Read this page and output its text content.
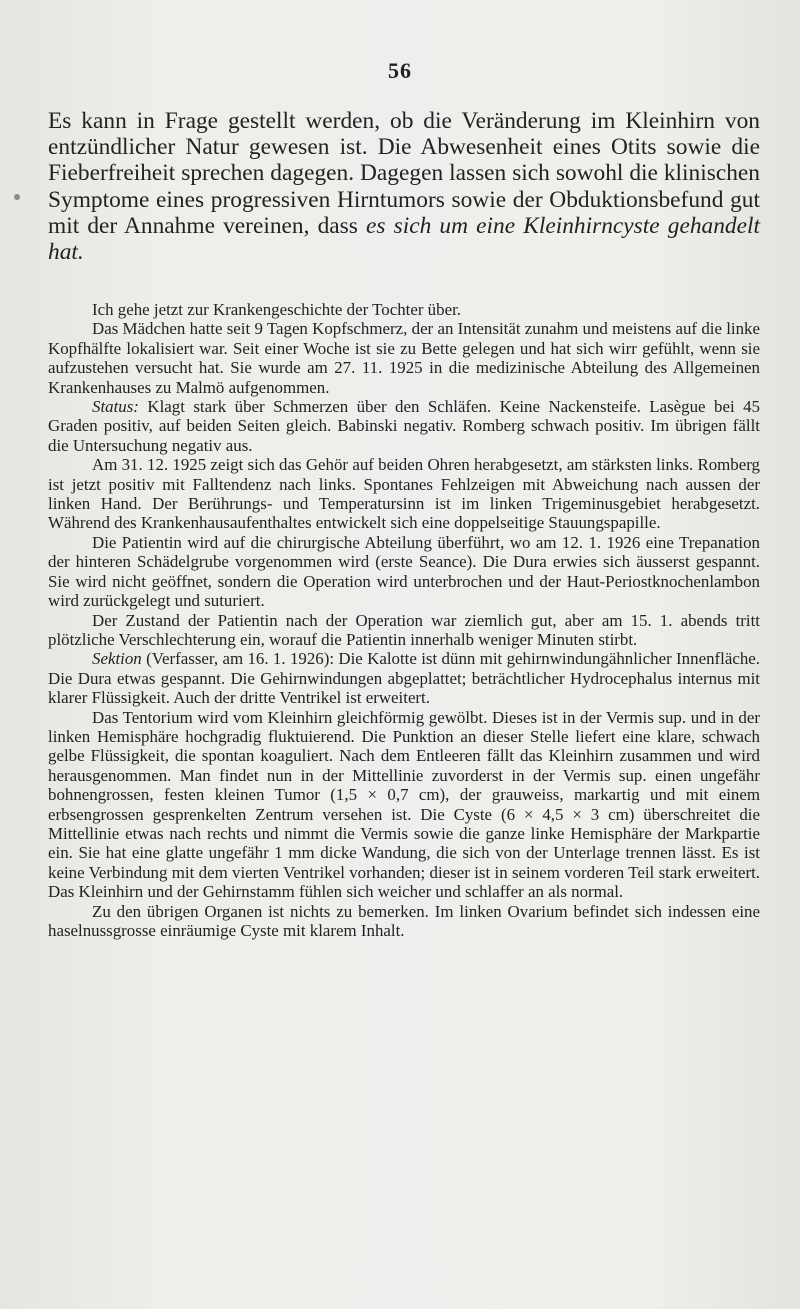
56
Es kann in Frage gestellt werden, ob die Veränderung im Kleinhirn von entzündlicher Natur gewesen ist. Die Abwesenheit eines Otits sowie die Fieberfreiheit sprechen dagegen. Dagegen lassen sich sowohl die klinischen Symptome eines progressiven Hirntumors sowie der Obduktionsbefund gut mit der Annahme vereinen, dass es sich um eine Kleinhirncyste gehandelt hat.

Ich gehe jetzt zur Krankengeschichte der Tochter über.

Das Mädchen hatte seit 9 Tagen Kopfschmerz, der an Intensität zunahm und meistens auf die linke Kopfhälfte lokalisiert war. Seit einer Woche ist sie zu Bette gelegen und hat sich wirr gefühlt, wenn sie aufzustehen versucht hat. Sie wurde am 27. 11. 1925 in die medizinische Abteilung des Allgemeinen Krankenhauses zu Malmö aufgenommen.

Status: Klagt stark über Schmerzen über den Schläfen. Keine Nackensteife. Lasègue bei 45 Graden positiv, auf beiden Seiten gleich. Babinski negativ. Romberg schwach positiv. Im übrigen fällt die Untersuchung negativ aus.

Am 31. 12. 1925 zeigt sich das Gehör auf beiden Ohren herabgesetzt, am stärksten links. Romberg ist jetzt positiv mit Falltendenz nach links. Spontanes Fehlzeigen mit Abweichung nach aussen der linken Hand. Der Berührungs- und Temperatursinn ist im linken Trigeminusgebiet herabgesetzt. Während des Krankenhausaufenthaltes entwickelt sich eine doppelseitige Stauungspapille.

Die Patientin wird auf die chirurgische Abteilung überführt, wo am 12. 1. 1926 eine Trepanation der hinteren Schädelgrube vorgenommen wird (erste Seance). Die Dura erwies sich äusserst gespannt. Sie wird nicht geöffnet, sondern die Operation wird unterbrochen und der Haut-Periostknochenlambon wird zurückgelegt und suturiert.

Der Zustand der Patientin nach der Operation war ziemlich gut, aber am 15. 1. abends tritt plötzliche Verschlechterung ein, worauf die Patientin innerhalb weniger Minuten stirbt.

Sektion (Verfasser, am 16. 1. 1926): Die Kalotte ist dünn mit gehirnwindungähnlicher Innenfläche. Die Dura etwas gespannt. Die Gehirnwindungen abgeplattet; beträchtlicher Hydrocephalus internus mit klarer Flüssigkeit. Auch der dritte Ventrikel ist erweitert.

Das Tentorium wird vom Kleinhirn gleichförmig gewölbt. Dieses ist in der Vermis sup. und in der linken Hemisphäre hochgradig fluktuierend. Die Punktion an dieser Stelle liefert eine klare, schwach gelbe Flüssigkeit, die spontan koaguliert. Nach dem Entleeren fällt das Kleinhirn zusammen und wird herausgenommen. Man findet nun in der Mittellinie zuvorderst in der Vermis sup. einen ungefähr bohnengrossen, festen kleinen Tumor (1,5 × 0,7 cm), der grauweiss, markartig und mit einem erbsengrossen gesprenkelten Zentrum versehen ist. Die Cyste (6 × 4,5 × 3 cm) überschreitet die Mittellinie etwas nach rechts und nimmt die Vermis sowie die ganze linke Hemisphäre der Markpartie ein. Sie hat eine glatte ungefähr 1 mm dicke Wandung, die sich von der Unterlage trennen lässt. Es ist keine Verbindung mit dem vierten Ventrikel vorhanden; dieser ist in seinem vorderen Teil stark erweitert. Das Kleinhirn und der Gehirnstamm fühlen sich weicher und schlaffer an als normal.

Zu den übrigen Organen ist nichts zu bemerken. Im linken Ovarium befindet sich indessen eine haselnussgrosse einräumige Cyste mit klarem Inhalt.
